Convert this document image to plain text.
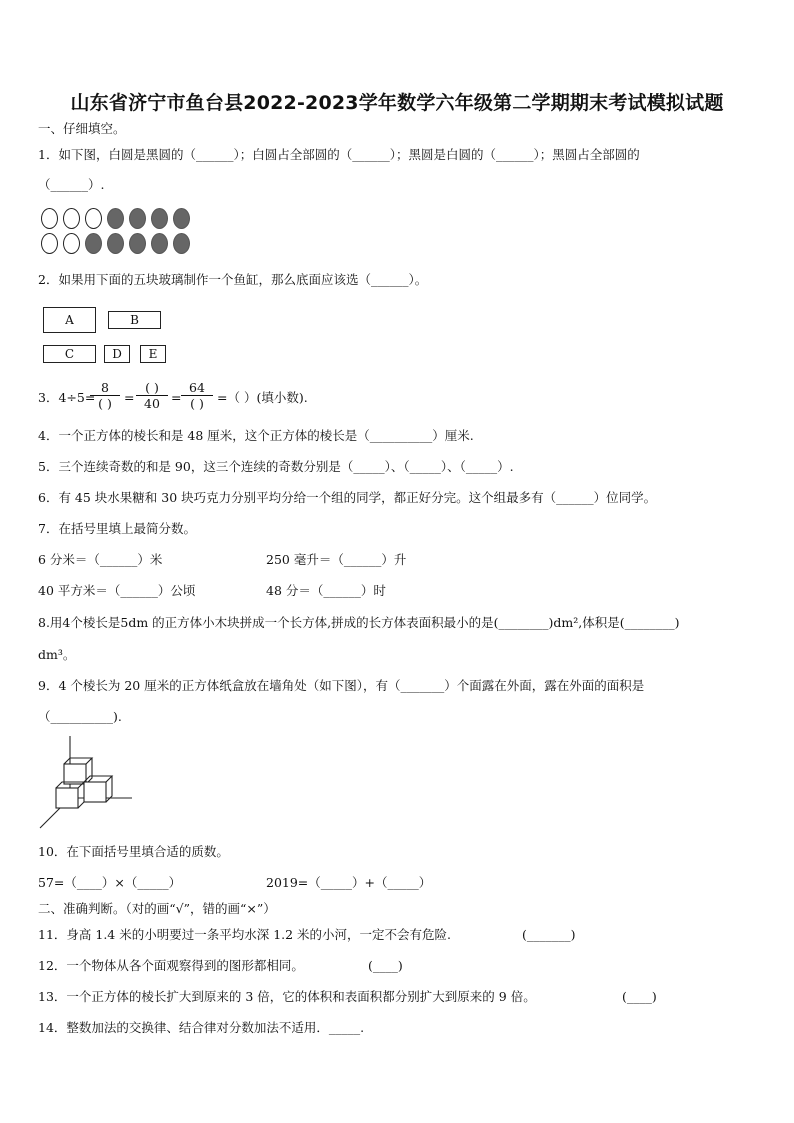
山东省济宁市鱼台县2022-2023学年数学六年级第二学期期末考试模拟试题
一、仔细填空。
1．如下图，白圆是黑圆的（______）；白圆占全部圆的（______）；黑圆是白圆的（______）；黑圆占全部圆的
（______）.
2．如果用下面的五块玻璃制作一个鱼缸，那么底面应该选（______）。
A	B
C	D	E
3．4÷5=
8
( ) =
( )
40 =
64
( )	=（ ）(填小数).
4．一个正方体的棱长和是 48 厘米，这个正方体的棱长是（__________）厘米.
5．三个连续奇数的和是 90，这三个连续的奇数分别是（_____）、（_____）、（_____）.
6．有 45 块水果糖和 30 块巧克力分别平均分给一个组的同学，都正好分完。这个组最多有（______）位同学。
7．在括号里填上最简分数。
6 分米＝（______）米	250 毫升＝（______）升
40 平方米＝（______）公顷	48 分＝（______）时
8.用4个棱长是5dm 的正方体小木块拼成一个长方体,拼成的长方体表面积最小的是(________)dm²,体积是(________)
dm³。
9．4 个棱长为 20 厘米的正方体纸盒放在墙角处（如下图），有（_______）个面露在外面，露在外面的面积是
（__________).
10．在下面括号里填合适的质数。
57=（____）×（_____）	2019=（_____）+（_____）
二、准确判断。（对的画“√”，错的画“×”）
11．身高 1.4 米的小明要过一条平均水深 1.2 米的小河，一定不会有危险.	(_______)
12．一个物体从各个面观察得到的图形都相同。	(____)
13．一个正方体的棱长扩大到原来的 3 倍，它的体积和表面积都分别扩大到原来的 9 倍。	(____)
14．整数加法的交换律、结合律对分数加法不适用．_____.
